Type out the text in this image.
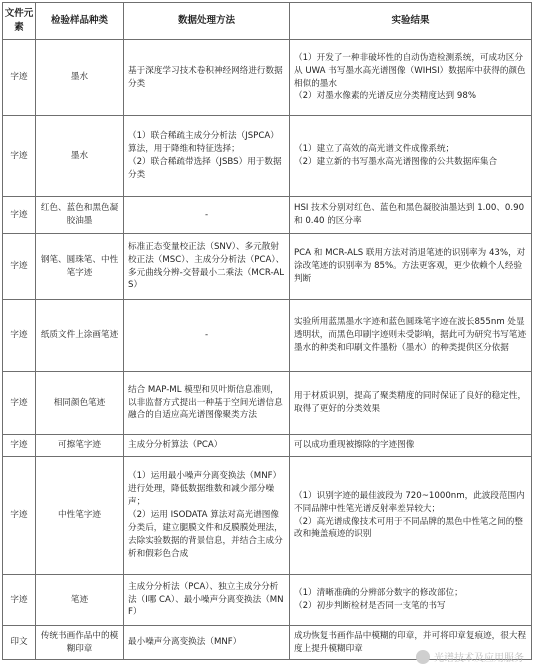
文件元素	检验样品种类	数据处理方法	实验结果
字迹	墨水	基于深度学习技术卷积神经网络进行数据分类	（1）开发了一种非破坏性的自动伪造检测系统，可成功区分从 UWA 书写墨水高光谱图像（WIHSI）数据库中获得的颜色相似的墨水
（2）对墨水像素的光谱反应分类精度达到 98%
字迹	墨水	（1）联合稀疏主成分分析法（JSPCA）算法，用于降维和特征选择；
（2）联合稀疏带选择（JSBS）用于数据分类	（1）建立了高效的高光谱文件成像系统；
（2）建立新的书写墨水高光谱图像的公共数据库集合
字迹	红色、蓝色和黑色凝胶油墨	-	HSI 技术分别对红色、蓝色和黑色凝胶油墨达到 1.00、0.90 和 0.40 的区分率
字迹	钢笔、圆珠笔、中性笔字迹	标准正态变量校正法（SNV）、多元散射校正法（MSC）、主成分分析法（PCA）、多元曲线分辨-交替最小二乘法（MCR-ALS）	PCA 和 MCR-ALS 联用方法对消退笔迹的识别率为 43%，对涂改笔迹的识别率为 85%。方法更客观，更少依赖个人经验判断
字迹	纸质文件上涂画笔迹	-	实验所用蓝黑墨水字迹和蓝色圆珠笔字迹在波长855nm 处显透明状，而黑色印刷字迹则未受影响，据此可为研究书写笔迹墨水的种类和印刷文件墨粉（墨水）的种类提供区分依据
字迹	相同颜色笔迹	结合 MAP-ML 模型和贝叶斯信息准则，以非监督方式提出一种基于空间光谱信息融合的自适应高光谱图像聚类方法	用于材质识别，提高了聚类精度的同时保证了良好的稳定性，取得了更好的分类效果
字迹	可擦笔字迹	主成分分析算法（PCA）	可以成功重现被擦除的字迹图像
字迹	中性笔字迹	（1）运用最小噪声分离变换法（MNF）进行处理，降低数据维数和减少部分噪声；
（2）运用 ISODATA 算法对高光谱图像分类后，建立腿膜文件和反膜膜处理法，去除实验数据的背景信息，并结合主成分析和假彩色合成	（1）识别字迹的最佳波段为 720~1000nm，此波段范围内不同品牌中性笔光谱反射率差异较大；
（2）高光谱成像技术可用于不同品牌的黑色中性笔之间的整改和掩盖痕迹的识别
字迹	笔迹	主成分分析法（PCA）、独立主成分分析法（I哪 CA）、最小噪声分离变换法（MNF）	（1）清晰准确的分辨部分数字的修改部位；
（2）初步判断检材是否同一支笔的书写
印文	传统书画作品中的模糊印章	最小噪声分离变换法（MNF）	成功恢复书画作品中模糊的印章，并可将印章复痕迹，很大程度上提升模糊印章
光谱技术及应用服务
